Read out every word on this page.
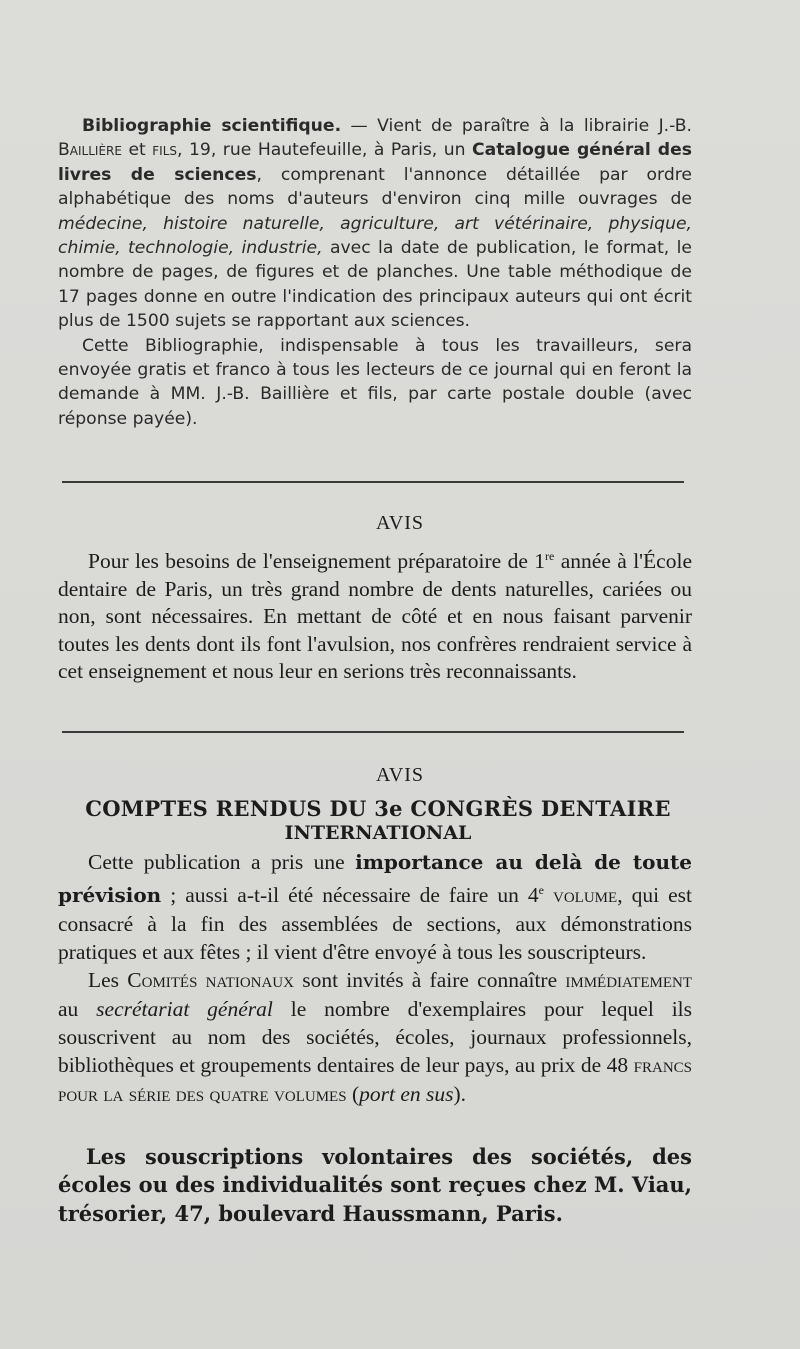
Bibliographie scientifique. — Vient de paraître à la librairie J.-B. Baillière et fils, 19, rue Hautefeuille, à Paris, un Catalogue général des livres de sciences, comprenant l'annonce détaillée par ordre alphabétique des noms d'auteurs d'environ cinq mille ouvrages de médecine, histoire naturelle, agriculture, art vétérinaire, physique, chimie, technologie, industrie, avec la date de publication, le format, le nombre de pages, de figures et de planches. Une table méthodique de 17 pages donne en outre l'indication des principaux auteurs qui ont écrit plus de 1500 sujets se rapportant aux sciences.

Cette Bibliographie, indispensable à tous les travailleurs, sera envoyée gratis et franco à tous les lecteurs de ce journal qui en feront la demande à MM. J.-B. Baillière et fils, par carte postale double (avec réponse payée).

AVIS

Pour les besoins de l'enseignement préparatoire de 1re année à l'École dentaire de Paris, un très grand nombre de dents naturelles, cariées ou non, sont nécessaires. En mettant de côté et en nous faisant parvenir toutes les dents dont ils font l'avulsion, nos confrères rendraient service à cet enseignement et nous leur en serions très reconnaissants.

AVIS
COMPTES RENDUS DU 3e CONGRÈS DENTAIRE
INTERNATIONAL

Cette publication a pris une importance au delà de toute prévision ; aussi a-t-il été nécessaire de faire un 4e volume, qui est consacré à la fin des assemblées de sections, aux démonstrations pratiques et aux fêtes ; il vient d'être envoyé à tous les souscripteurs.

Les Comités nationaux sont invités à faire connaître immédiatement au secrétariat général le nombre d'exemplaires pour lequel ils souscrivent au nom des sociétés, écoles, journaux professionnels, bibliothèques et groupements dentaires de leur pays, au prix de 48 francs pour la série des quatre volumes (port en sus).

Les souscriptions volontaires des sociétés, des écoles ou des individualités sont reçues chez M. Viau, trésorier, 47, boulevard Haussmann, Paris.
